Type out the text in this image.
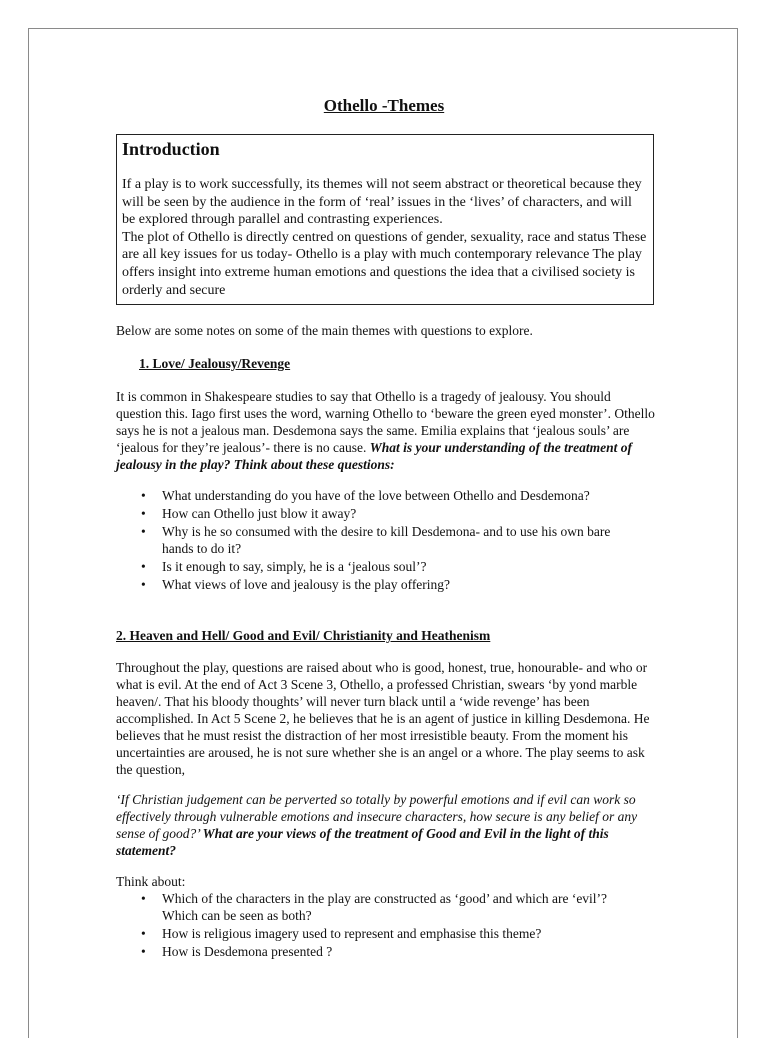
Othello -Themes
Introduction

If a play is to work successfully, its themes will not seem abstract or theoretical because they will be seen by the audience in the form of ‘real’ issues in the ‘lives’ of characters, and will be explored through parallel and contrasting experiences.
The plot of Othello is directly centred on questions of gender, sexuality, race and status These are all key issues for us today- Othello is a play with much contemporary relevance The play offers insight into extreme human emotions and questions the idea that a civilised society is orderly and secure

Below are some notes on some of the main themes with questions to explore.

1. Love/ Jealousy/Revenge

It is common in Shakespeare studies to say that Othello is a tragedy of jealousy. You should question this. Iago first uses the word, warning Othello to ‘beware the green eyed monster’. Othello says he is not a jealous man. Desdemona says the same. Emilia explains that ‘jealous souls’ are ‘jealous for they’re jealous’- there is no cause. What is your understanding of the treatment of jealousy in the play? Think about these questions:

• What understanding do you have of the love between Othello and Desdemona?
• How can Othello just blow it away?
• Why is he so consumed with the desire to kill Desdemona- and to use his own bare hands to do it?
• Is it enough to say, simply, he is a ‘jealous soul’?
• What views of love and jealousy is the play offering?

2. Heaven and Hell/ Good and Evil/ Christianity and Heathenism

Throughout the play, questions are raised about who is good, honest, true, honourable- and who or what is evil. At the end of Act 3 Scene 3, Othello, a professed Christian, swears ‘by yond marble heaven/. That his bloody thoughts’ will never turn black until a ‘wide revenge’ has been accomplished. In Act 5 Scene 2, he believes that he is an agent of justice in killing Desdemona. He believes that he must resist the distraction of her most irresistible beauty. From the moment his uncertainties are aroused, he is not sure whether she is an angel or a whore. The play seems to ask the question,

‘If Christian judgement can be perverted so totally by powerful emotions and if evil can work so effectively through vulnerable emotions and insecure characters, how secure is any belief or any sense of good?’ What are your views of the treatment of Good and Evil in the light of this statement?

Think about:

• Which of the characters in the play are constructed as ‘good’ and which are ‘evil’? Which can be seen as both?
• How is religious imagery used to represent and emphasise this theme?
• How is Desdemona presented ?
